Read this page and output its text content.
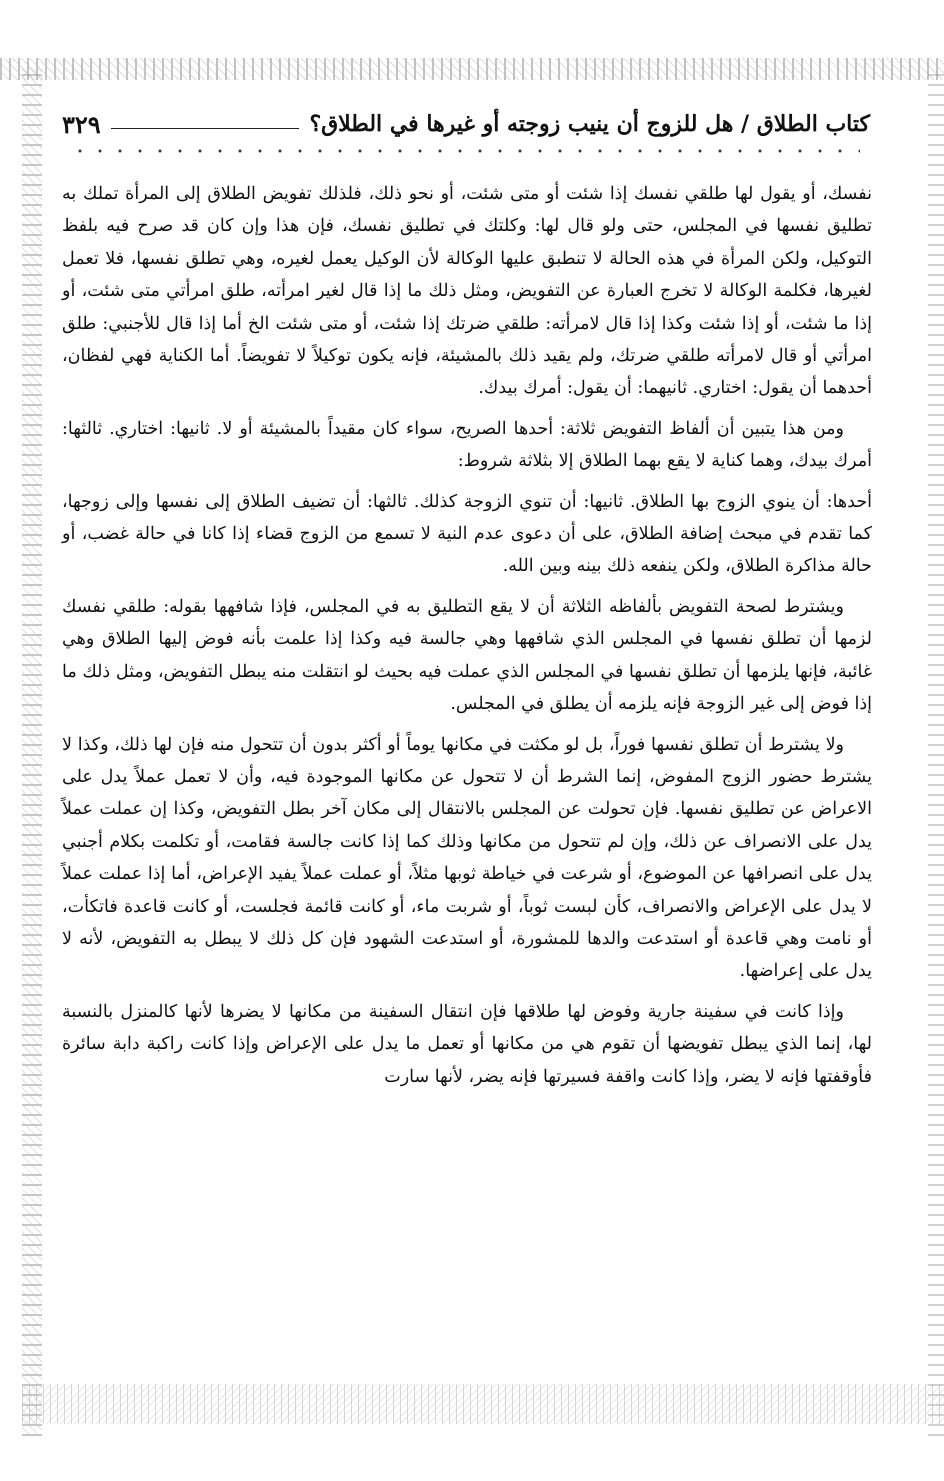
٣٢٩	كتاب الطلاق / هل للزوج أن ينيب زوجته أو غيرها في الطلاق؟

نفسك، أو يقول لها طلقي نفسك إذا شئت أو متى شئت، أو نحو ذلك، فلذلك تفويض الطلاق إلى المرأة تملك به تطليق نفسها في المجلس، حتى ولو قال لها: وكلتك في تطليق نفسك، فإن هذا وإن كان قد صرح فيه بلفظ التوكيل، ولكن المرأة في هذه الحالة لا تنطبق عليها الوكالة لأن الوكيل يعمل لغيره، وهي تطلق نفسها، فلا تعمل لغيرها، فكلمة الوكالة لا تخرج العبارة عن التفويض، ومثل ذلك ما إذا قال لغير امرأته، طلق امرأتي متى شئت، أو إذا ما شئت، أو إذا شئت وكذا إذا قال لامرأته: طلقي ضرتك إذا شئت، أو متى شئت الخ أما إذا قال للأجنبي: طلق امرأتي أو قال لامرأته طلقي ضرتك، ولم يقيد ذلك بالمشيئة، فإنه يكون توكيلاً لا تفويضاً. أما الكناية فهي لفظان، أحدهما أن يقول: اختاري. ثانيهما: أن يقول: أمرك بيدك.

ومن هذا يتبين أن ألفاظ التفويض ثلاثة: أحدها الصريح، سواء كان مقيداً بالمشيئة أو لا. ثانيها: اختاري. ثالثها: أمرك بيدك، وهما كناية لا يقع بهما الطلاق إلا بثلاثة شروط:

أحدها: أن ينوي الزوج بها الطلاق. ثانيها: أن تنوي الزوجة كذلك. ثالثها: أن تضيف الطلاق إلى نفسها وإلى زوجها، كما تقدم في مبحث إضافة الطلاق، على أن دعوى عدم النية لا تسمع من الزوج قضاء إذا كانا في حالة غضب، أو حالة مذاكرة الطلاق، ولكن ينفعه ذلك بينه وبين الله.

ويشترط لصحة التفويض بألفاظه الثلاثة أن لا يقع التطليق به في المجلس، فإذا شافهها بقوله: طلقي نفسك لزمها أن تطلق نفسها في المجلس الذي شافهها وهي جالسة فيه وكذا إذا علمت بأنه فوض إليها الطلاق وهي غائبة، فإنها يلزمها أن تطلق نفسها في المجلس الذي عملت فيه بحيث لو انتقلت منه يبطل التفويض، ومثل ذلك ما إذا فوض إلى غير الزوجة فإنه يلزمه أن يطلق في المجلس.

ولا يشترط أن تطلق نفسها فوراً، بل لو مكثت في مكانها يوماً أو أكثر بدون أن تتحول منه فإن لها ذلك، وكذا لا يشترط حضور الزوج المفوض، إنما الشرط أن لا تتحول عن مكانها الموجودة فيه، وأن لا تعمل عملاً يدل على الاعراض عن تطليق نفسها. فإن تحولت عن المجلس بالانتقال إلى مكان آخر بطل التفويض، وكذا إن عملت عملاً يدل على الانصراف عن ذلك، وإن لم تتحول من مكانها وذلك كما إذا كانت جالسة فقامت، أو تكلمت بكلام أجنبي يدل على انصرافها عن الموضوع، أو شرعت في خياطة ثوبها مثلاً، أو عملت عملاً يفيد الإعراض، أما إذا عملت عملاً لا يدل على الإعراض والانصراف، كأن لبست ثوباً، أو شربت ماء، أو كانت قائمة فجلست، أو كانت قاعدة فاتكأت، أو نامت وهي قاعدة أو استدعت والدها للمشورة، أو استدعت الشهود فإن كل ذلك لا يبطل به التفويض، لأنه لا يدل على إعراضها.

وإذا كانت في سفينة جارية وفوض لها طلاقها فإن انتقال السفينة من مكانها لا يضرها لأنها كالمنزل بالنسبة لها، إنما الذي يبطل تفويضها أن تقوم هي من مكانها أو تعمل ما يدل على الإعراض وإذا كانت راكبة دابة سائرة فأوقفتها فإنه لا يضر، وإذا كانت واقفة فسيرتها فإنه يضر، لأنها سارت
